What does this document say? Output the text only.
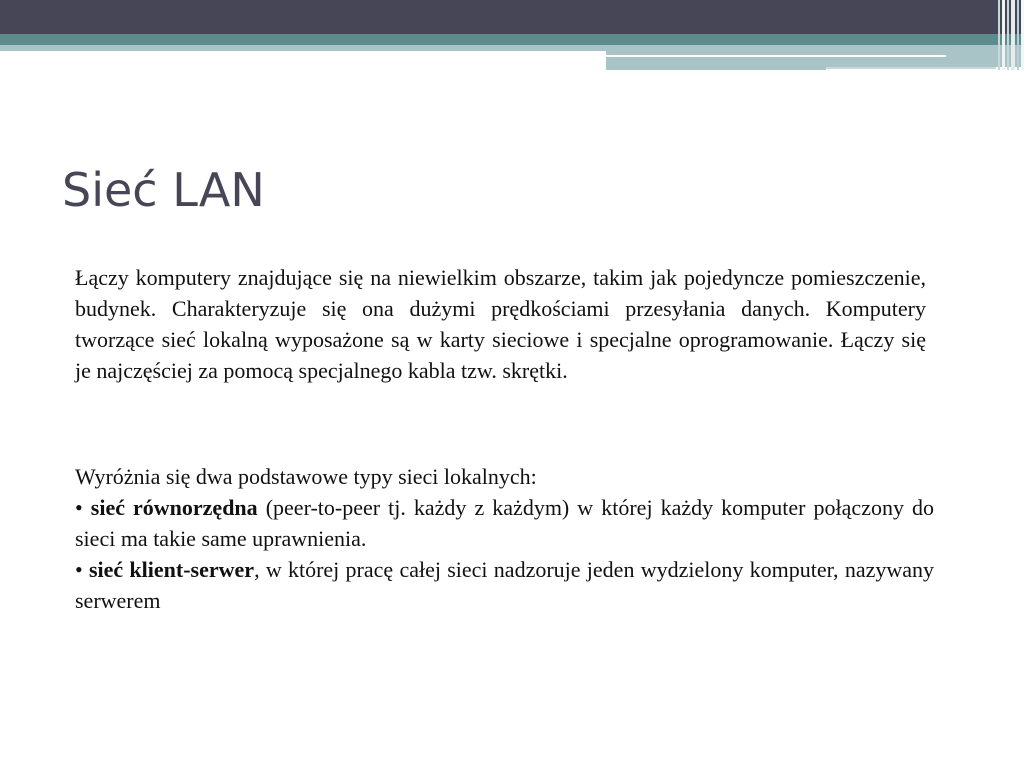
Sieć LAN

Łączy komputery znajdujące się na niewielkim obszarze, takim jak pojedyncze pomieszczenie, budynek. Charakteryzuje się ona dużymi prędkościami przesyłania danych. Komputery tworzące sieć lokalną wyposażone są w karty sieciowe i specjalne oprogramowanie. Łączy się je najczęściej za pomocą specjalnego kabla tzw. skrętki.

Wyróżnia się dwa podstawowe typy sieci lokalnych:
• sieć równorzędna (peer-to-peer tj. każdy z każdym) w której każdy komputer połączony do sieci ma takie same uprawnienia.
• sieć klient-serwer, w której pracę całej sieci nadzoruje jeden wydzielony komputer, nazywany serwerem
